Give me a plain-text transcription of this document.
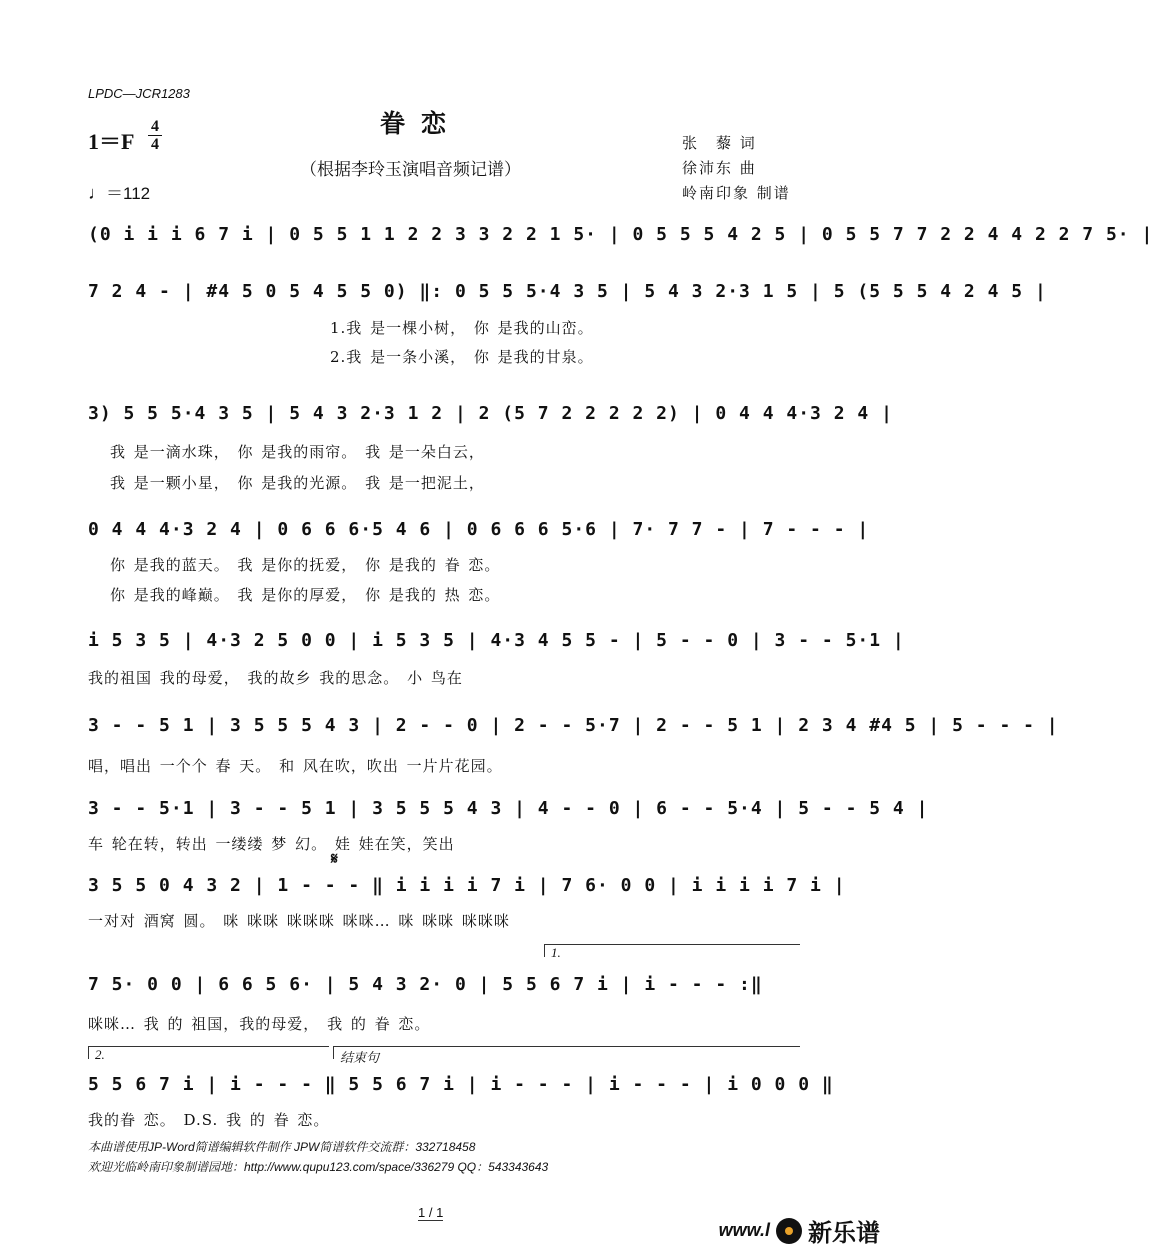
LPDC—JCR1283
眷恋
（根据李玲玉演唱音频记谱）
1＝F
4
4
♩＝112
张　藜 词
徐沛东 曲
岭南印象 制谱
(0 i i i 6 7 i | 0 5 5 1 1 2 2 3 3 2 2 1 5· | 0 5 5 5 4 2 5 | 0 5 5 7 7 2 2 4 4 2 2 7 5· |
7 2 4 - | #4 5 0 5 4 5 5 0) ‖: 0 5 5 5·4 3 5 | 5 4 3 2·3 1 5 | 5 (5 5 5 4 2 4 5 |
1.我 是一棵小树， 你 是我的山峦。
2.我 是一条小溪， 你 是我的甘泉。
3) 5 5 5·4 3 5 | 5 4 3 2·3 1 2 | 2 (5 7 2 2 2 2 2) | 0 4 4 4·3 2 4 |
我 是一滴水珠， 你 是我的雨帘。 我 是一朵白云，
我 是一颗小星， 你 是我的光源。 我 是一把泥土，
0 4 4 4·3 2 4 | 0 6 6 6·5 4 6 | 0 6 6 6 5·6 | 7· 7 7 - | 7 - - - |
你 是我的蓝天。 我 是你的抚爱， 你 是我的 眷 恋。
你 是我的峰巅。 我 是你的厚爱， 你 是我的 热 恋。
i 5 3 5 | 4·3 2 5 0 0 | i 5 3 5 | 4·3 4 5 5 - | 5 - - 0 | 3 - - 5·1 |
我的祖国 我的母爱， 我的故乡 我的思念。 小 鸟在
3 - - 5 1 | 3 5 5 5 4 3 | 2 - - 0 | 2 - - 5·7 | 2 - - 5 1 | 2 3 4 #4 5 | 5 - - - |
唱，唱出 一个个 春 天。 和 风在吹，吹出 一片片花园。
3 - - 5·1 | 3 - - 5 1 | 3 5 5 5 4 3 | 4 - - 0 | 6 - - 5·4 | 5 - - 5 4 |
车 轮在转，转出 一缕缕 梦 幻。 娃 娃在笑，笑出
𝄋
3 5 5 0 4 3 2 | 1 - - - ‖ i i i i 7 i | 7 6· 0 0 | i i i i 7 i |
一对对 酒窝 圆。 咪 咪咪 咪咪咪 咪咪… 咪 咪咪 咪咪咪
1.
7 5· 0 0 | 6 6 5 6· | 5 4 3 2· 0 | 5 5 6 7 i | i - - - :‖
咪咪… 我 的 祖国，我的母爱， 我 的 眷 恋。
2.	结束句
5 5 6 7 i | i - - - ‖ 5 5 6 7 i | i - - - | i - - - | i 0 0 0 ‖
我的眷 恋。 D.S. 我 的 眷 恋。
本曲谱使用JP-Word简谱编辑软件制作 JPW简谱软件交流群：332718458
欢迎光临岭南印象制谱园地：http://www.qupu123.com/space/336279 QQ：543343643
1 / 1
www.l 新乐谱
